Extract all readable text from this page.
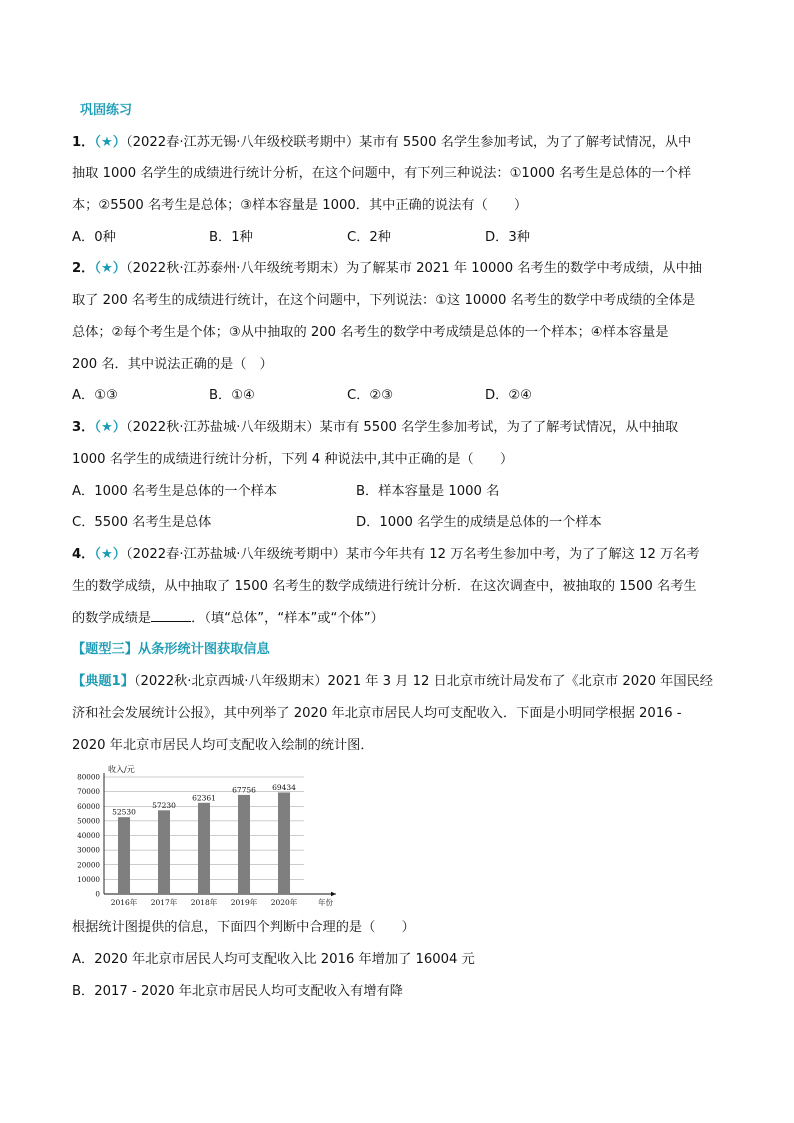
巩固练习
1．（★）（2022春·江苏无锡·八年级校联考期中）某市有 5500 名学生参加考试，为了了解考试情况，从中
抽取 1000 名学生的成绩进行统计分析，在这个问题中，有下列三种说法：①1000 名考生是总体的一个样
本；②5500 名考生是总体；③样本容量是 1000．其中正确的说法有（　　）
A．0种	B．1种	C．2种	D．3种
2．（★）（2022秋·江苏泰州·八年级统考期末）为了解某市 2021 年 10000 名考生的数学中考成绩，从中抽
取了 200 名考生的成绩进行统计，在这个问题中，下列说法：①这 10000 名考生的数学中考成绩的全体是
总体；②每个考生是个体；③从中抽取的 200 名考生的数学中考成绩是总体的一个样本；④样本容量是
200 名．其中说法正确的是（　）
A．①③	B．①④	C．②③	D．②④
3．（★）（2022秋·江苏盐城·八年级期末）某市有 5500 名学生参加考试，为了了解考试情况，从中抽取
1000 名学生的成绩进行统计分析，下列 4 种说法中,其中正确的是（　　）
A．1000 名考生是总体的一个样本	B．样本容量是 1000 名
C．5500 名考生是总体	D．1000 名学生的成绩是总体的一个样本
4．（★）（2022春·江苏盐城·八年级统考期中）某市今年共有 12 万名考生参加中考，为了了解这 12 万名考
生的数学成绩，从中抽取了 1500 名考生的数学成绩进行统计分析．在这次调查中，被抽取的 1500 名考生
的数学成绩是	．（填“总体”，“样本”或“个体”）
【题型三】从条形统计图获取信息
【典题1】（2022秋·北京西城·八年级期末）2021 年 3 月 12 日北京市统计局发布了《北京市 2020 年国民经
济和社会发展统计公报》，其中列举了 2020 年北京市居民人均可支配收入．下面是小明同学根据 2016 -
2020 年北京市居民人均可支配收入绘制的统计图．
0
10000
20000
30000
40000
50000
60000
70000
80000
收入/元
年份
52530
2016年
57230
2017年
62361
2018年
67756
2019年
69434
2020年
根据统计图提供的信息，下面四个判断中合理的是（　　）
A．2020 年北京市居民人均可支配收入比 2016 年增加了 16004 元
B．2017 - 2020 年北京市居民人均可支配收入有增有降
